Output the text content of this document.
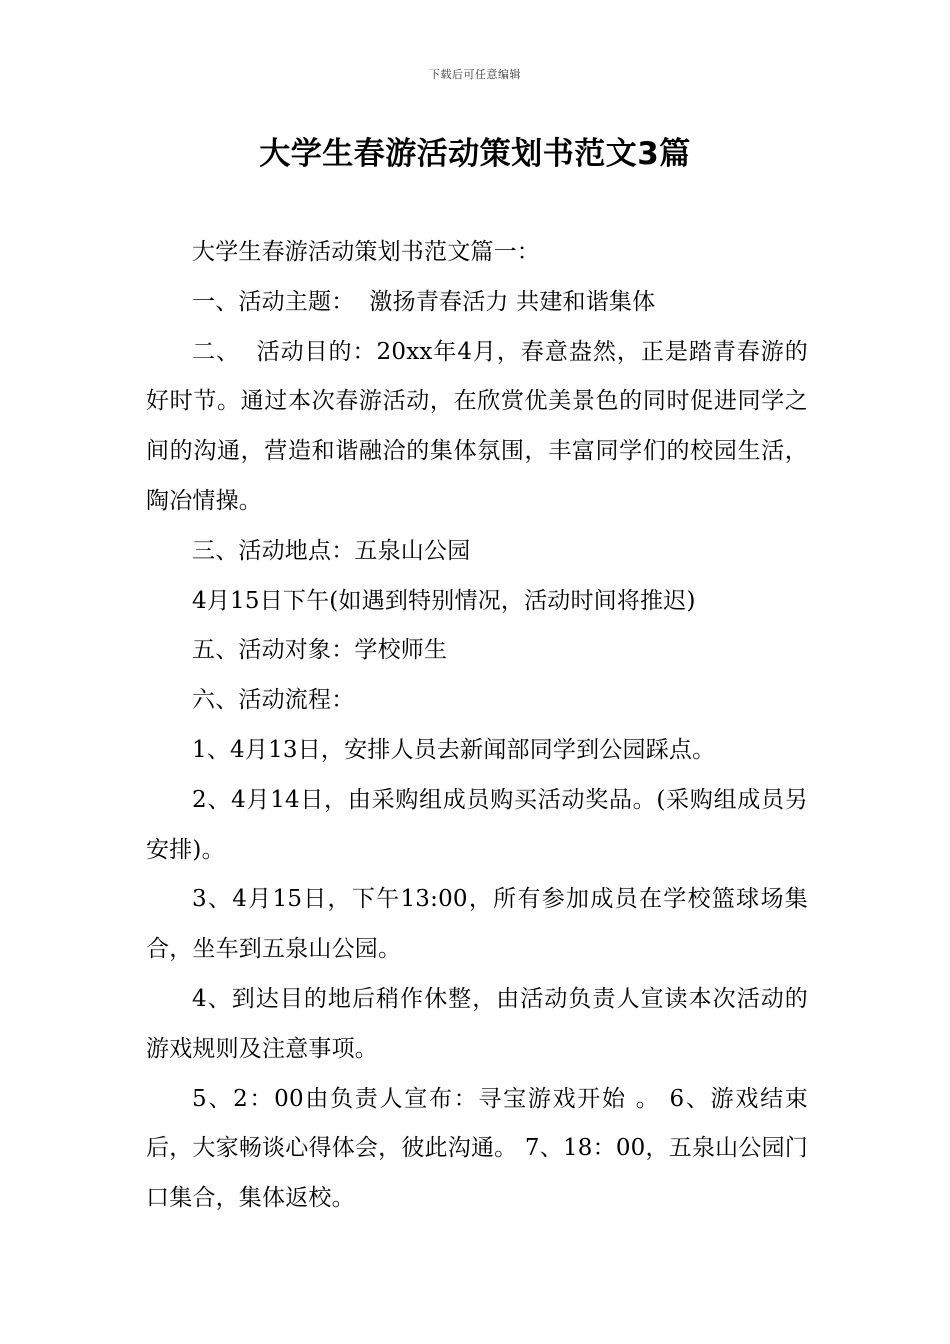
下载后可任意编辑
大学生春游活动策划书范文3篇

大学生春游活动策划书范文篇一：

一、活动主题：  激扬青春活力 共建和谐集体

二、  活动目的：20xx年4月，春意盎然，正是踏青春游的好时节。通过本次春游活动，在欣赏优美景色的同时促进同学之间的沟通，营造和谐融洽的集体氛围，丰富同学们的校园生活，陶冶情操。

三、活动地点：五泉山公园

4月15日下午(如遇到特别情况，活动时间将推迟)

五、活动对象：学校师生

六、活动流程：

1、4月13日，安排人员去新闻部同学到公园踩点。

2、4月14日，由采购组成员购买活动奖品。(采购组成员另安排)。

3、4月15日，下午13:00，所有参加成员在学校篮球场集合，坐车到五泉山公园。

4、到达目的地后稍作休整，由活动负责人宣读本次活动的游戏规则及注意事项。

5、2：00由负责人宣布：寻宝游戏开始 。 6、游戏结束后，大家畅谈心得体会，彼此沟通。 7、18：00，五泉山公园门口集合，集体返校。
